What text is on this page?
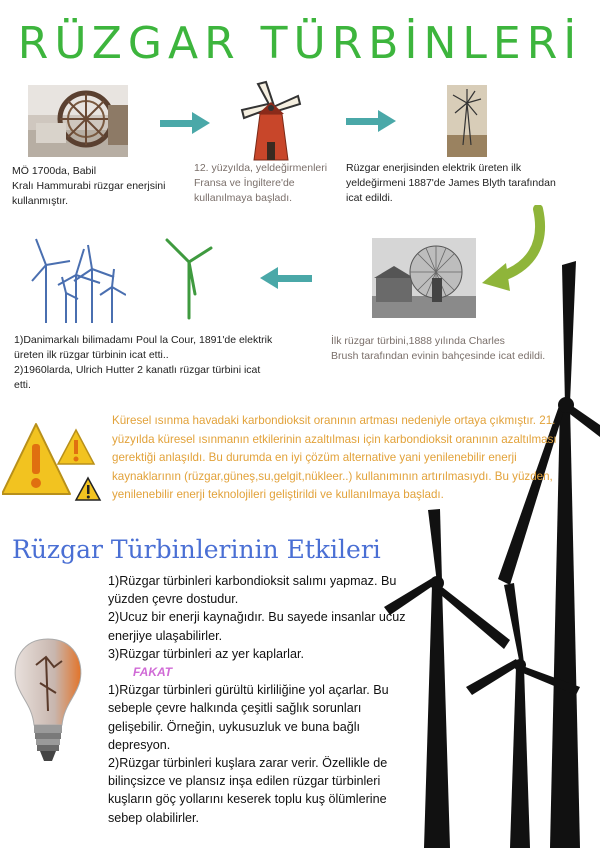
RÜZGAR TÜRBİNLERİ
MÖ 1700da, Babil
Kralı Hammurabi rüzgar enerjsini
kullanmıştır.
12. yüzyılda, yeldeğirmenleri
Fransa ve İngiltere'de
kullanılmaya başladı.
Rüzgar enerjisinden elektrik üreten ilk
yeldeğirmeni 1887'de James Blyth tarafından
icat edildi.
İlk rüzgar türbini,1888 yılında Charles
Brush tarafından evinin bahçesinde icat edildi.
1)Danimarkalı bilimadamı Poul la Cour, 1891'de elektrik
üreten ilk rüzgar türbinin icat etti..
2)1960larda, Ulrich Hutter 2 kanatlı rüzgar türbini icat
etti.
Küresel ısınma havadaki karbondioksit oranının artması nedeniyle ortaya çıkmıştır. 21. yüzyılda küresel ısınmanın etkilerinin azaltılması için karbondioksit oranının azaltılması gerektiği anlaşıldı. Bu durumda en iyi çözüm alternative yani yenilenebilir enerji kaynaklarının (rüzgar,güneş,su,gelgit,nükleer..) kullanımının artırılmasıydı. Bu yüzden, yenilenebilir enerji teknolojileri geliştirildi ve kullanılmaya başladı.
Rüzgar Türbinlerinin Etkileri

1)Rüzgar türbinleri karbondioksit salımı yapmaz. Bu yüzden çevre dostudur.

2)Ucuz bir enerji kaynağıdır. Bu sayede insanlar ucuz enerjiye ulaşabilirler.

3)Rüzgar türbinleri az yer kaplarlar.

FAKAT

1)Rüzgar türbinleri gürültü kirliliğine yol açarlar. Bu sebeple çevre halkında çeşitli sağlık sorunları gelişebilir. Örneğin, uykusuzluk ve buna bağlı depresyon.

2)Rüzgar türbinleri kuşlara zarar verir. Özellikle de bilinçsizce ve plansız inşa edilen rüzgar türbinleri kuşların göç yollarını keserek toplu kuş ölümlerine sebep olabilirler.
